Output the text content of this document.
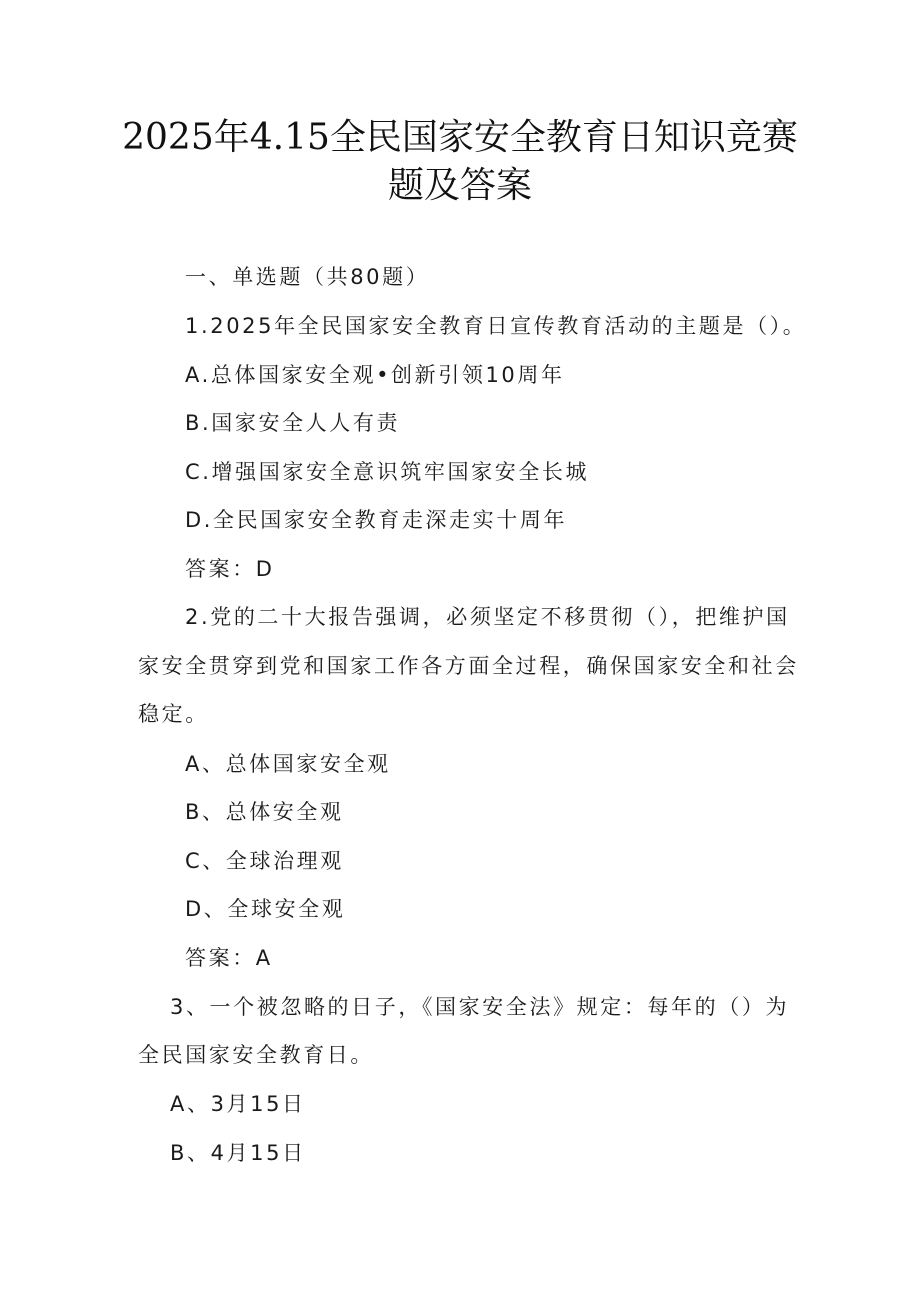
2025年4.15全民国家安全教育日知识竞赛
题及答案
一、单选题（共80题）
1.2025年全民国家安全教育日宣传教育活动的主题是（）。
A.总体国家安全观•创新引领10周年
B.国家安全人人有责
C.增强国家安全意识筑牢国家安全长城
D.全民国家安全教育走深走实十周年
答案：D
2.党的二十大报告强调，必须坚定不移贯彻（），把维护国
家安全贯穿到党和国家工作各方面全过程，确保国家安全和社会
稳定。
A、总体国家安全观
B、总体安全观
C、全球治理观
D、全球安全观
答案：A
3、一个被忽略的日子，《国家安全法》规定：每年的（）为
全民国家安全教育日。
A、3月15日
B、4月15日
